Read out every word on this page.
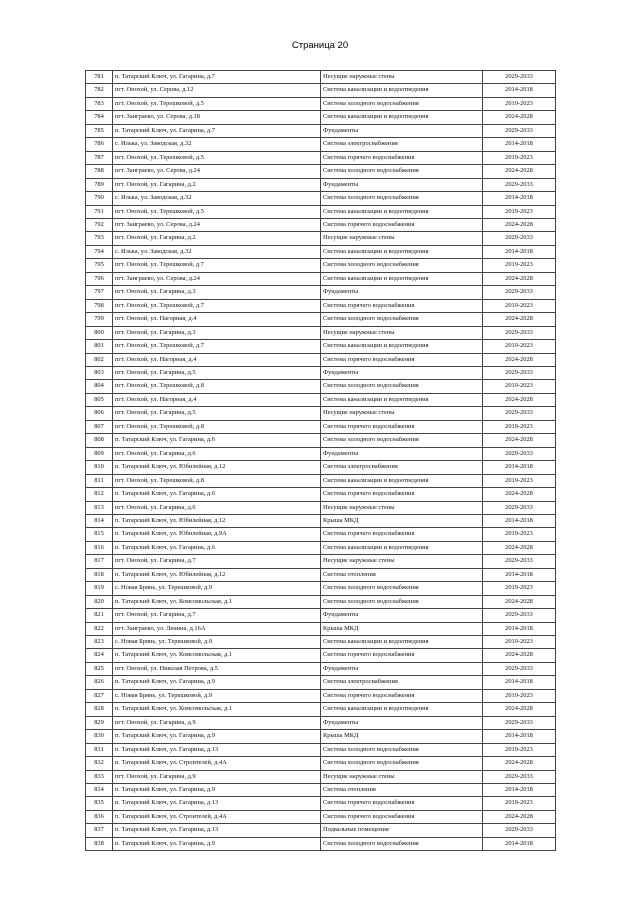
Страница 20
781	п. Татарский Ключ, ул. Гагарина, д.7	Несущие наружные стены	2029-2033
782	пгт. Онохой, ул. Серова, д.12	Система канализации и водоотведения	2014-2018
783	пгт. Онохой, ул. Терешковой, д.5	Система холодного водоснабжения	2019-2023
784	пгт. Заиграево, ул. Серова, д.18	Система канализации и водоотведения	2024-2028
785	п. Татарский Ключ, ул. Гагарина, д.7	Фундаменты	2029-2033
786	с. Илька, ул. Заводская, д.32	Система электроснабжения	2014-2018
787	пгт. Онохой, ул. Терешковой, д.5	Система горячего водоснабжения	2019-2023
788	пгт. Заиграево, ул. Серова, д.24	Система холодного водоснабжения	2024-2028
789	пгт. Онохой, ул. Гагарина, д.2	Фундаменты	2029-2033
790	с. Илька, ул. Заводская, д.32	Система холодного водоснабжения	2014-2018
791	пгт. Онохой, ул. Терешковой, д.5	Система канализации и водоотведения	2019-2023
792	пгт. Заиграево, ул. Серова, д.24	Система горячего водоснабжения	2024-2028
793	пгт. Онохой, ул. Гагарина, д.2	Несущие наружные стены	2029-2033
794	с. Илька, ул. Заводская, д.32	Система канализации и водоотведения	2014-2018
795	пгт. Онохой, ул. Терешковой, д.7	Система холодного водоснабжения	2019-2023
796	пгт. Заиграево, ул. Серова, д.24	Система канализации и водоотведения	2024-2028
797	пгт. Онохой, ул. Гагарина, д.3	Фундаменты	2029-2033
798	пгт. Онохой, ул. Терешковой, д.7	Система горячего водоснабжения	2019-2023
799	пгт. Онохой, ул. Нагорная, д.4	Система холодного водоснабжения	2024-2028
800	пгт. Онохой, ул. Гагарина, д.3	Несущие наружные стены	2029-2033
801	пгт. Онохой, ул. Терешковой, д.7	Система канализации и водоотведения	2019-2023
802	пгт. Онохой, ул. Нагорная, д.4	Система горячего водоснабжения	2024-2028
803	пгт. Онохой, ул. Гагарина, д.5	Фундаменты	2029-2033
804	пгт. Онохой, ул. Терешковой, д.8	Система холодного водоснабжения	2019-2023
805	пгт. Онохой, ул. Нагорная, д.4	Система канализации и водоотведения	2024-2028
806	пгт. Онохой, ул. Гагарина, д.5	Несущие наружные стены	2029-2033
807	пгт. Онохой, ул. Терешковой, д.8	Система горячего водоснабжения	2019-2023
808	п. Татарский Ключ, ул. Гагарина, д.6	Система холодного водоснабжения	2024-2028
809	пгт. Онохой, ул. Гагарина, д.6	Фундаменты	2029-2033
810	п. Татарский Ключ, ул. Юбилейная, д.12	Система электроснабжения	2014-2018
811	пгт. Онохой, ул. Терешковой, д.8	Система канализации и водоотведения	2019-2023
812	п. Татарский Ключ, ул. Гагарина, д.6	Система горячего водоснабжения	2024-2028
813	пгт. Онохой, ул. Гагарина, д.6	Несущие наружные стены	2029-2033
814	п. Татарский Ключ, ул. Юбилейная, д.12	Крыша МКД	2014-2018
815	п. Татарский Ключ, ул. Юбилейная, д.9А	Система горячего водоснабжения	2019-2023
816	п. Татарский Ключ, ул. Гагарина, д.6	Система канализации и водоотведения	2024-2028
817	пгт. Онохой, ул. Гагарина, д.7	Несущие наружные стены	2029-2033
818	п. Татарский Ключ, ул. Юбилейная, д.12	Система отопления	2014-2018
819	с. Новая Брянь, ул. Терешковой, д.9	Система холодного водоснабжения	2019-2023
820	п. Татарский Ключ, ул. Комсомольская, д.1	Система холодного водоснабжения	2024-2028
821	пгт. Онохой, ул. Гагарина, д.7	Фундаменты	2029-2033
822	пгт. Заиграево, ул. Ленина, д.16А	Крыша МКД	2014-2018
823	с. Новая Брянь, ул. Терешковой, д.9	Система канализации и водоотведения	2019-2023
824	п. Татарский Ключ, ул. Комсомольская, д.1	Система горячего водоснабжения	2024-2028
825	пгт. Онохой, ул. Николая Петрова, д.5	Фундаменты	2029-2033
826	п. Татарский Ключ, ул. Гагарина, д.9	Система электроснабжения	2014-2018
827	с. Новая Брянь, ул. Терешковой, д.9	Система горячего водоснабжения	2019-2023
828	п. Татарский Ключ, ул. Комсомольская, д.1	Система канализации и водоотведения	2024-2028
829	пгт. Онохой, ул. Гагарина, д.9	Фундаменты	2029-2033
830	п. Татарский Ключ, ул. Гагарина, д.9	Крыша МКД	2014-2018
831	п. Татарский Ключ, ул. Гагарина, д.13	Система холодного водоснабжения	2019-2023
832	п. Татарский Ключ, ул. Строителей, д.4А	Система холодного водоснабжения	2024-2028
833	пгт. Онохой, ул. Гагарина, д.9	Несущие наружные стены	2029-2033
834	п. Татарский Ключ, ул. Гагарина, д.9	Система отопления	2014-2018
835	п. Татарский Ключ, ул. Гагарина, д.13	Система горячего водоснабжения	2019-2023
836	п. Татарский Ключ, ул. Строителей, д.4А	Система горячего водоснабжения	2024-2028
837	п. Татарский Ключ, ул. Гагарина, д.13	Подвальные помещения	2029-2033
838	п. Татарский Ключ, ул. Гагарина, д.9	Система холодного водоснабжения	2014-2018
